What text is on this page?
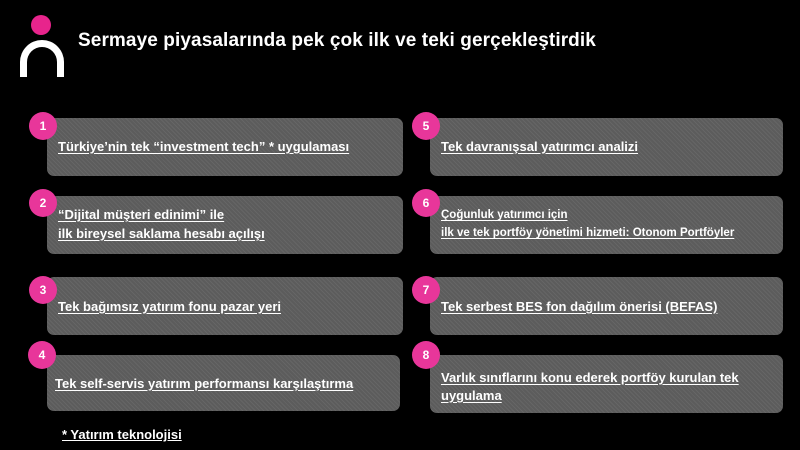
Sermaye piyasalarında pek çok ilk ve teki gerçekleştirdik
Türkiye’nin tek “investment tech” * uygulaması
1
“Dijital müşteri edinimi” ile
ilk bireysel saklama hesabı açılışı
2
Tek bağımsız yatırım fonu pazar yeri
3
Tek self-servis yatırım performansı karşılaştırma
4
Tek davranışsal yatırımcı analizi
5
Çoğunluk yatırımcı için
ilk ve tek portföy yönetimi hizmeti: Otonom Portföyler
6
Tek serbest BES fon dağılım önerisi (BEFAS)
7
Varlık sınıflarını konu ederek portföy kurulan tek
uygulama
8
* Yatırım teknolojisi
